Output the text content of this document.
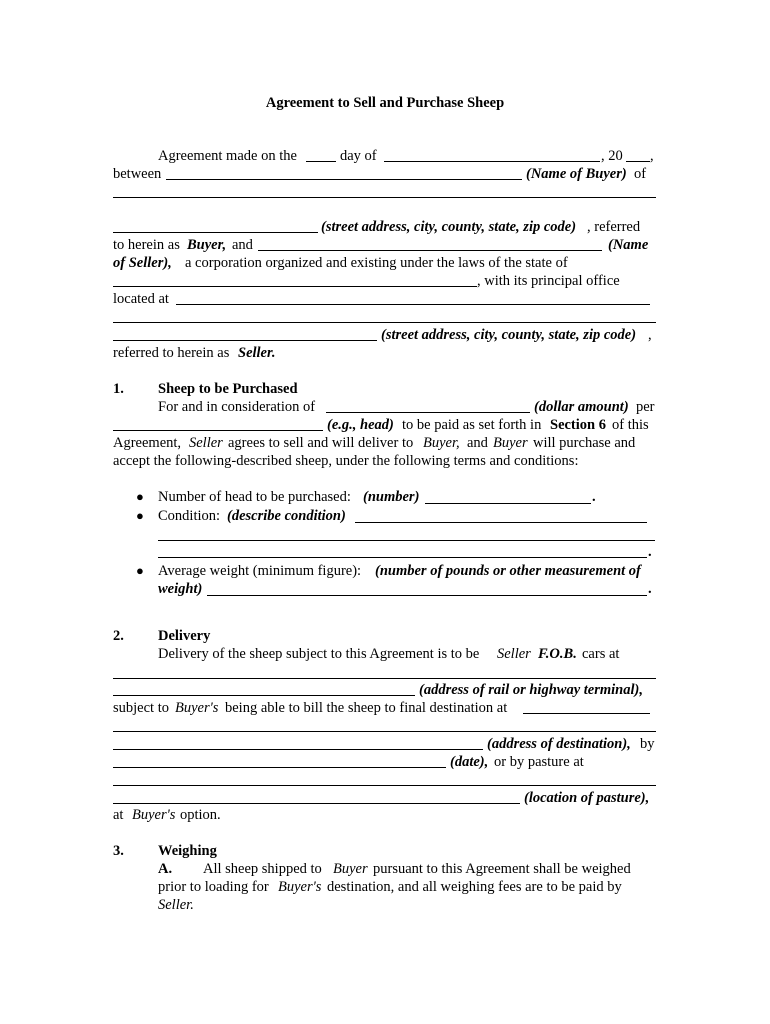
Agreement to Sell and Purchase Sheep
Agreement made on the	day of	, 20 ,
between	(Name of Buyer) of
(street address, city, county, state, zip code) , referred
to herein as Buyer, and	(Name
of Seller), a corporation organized and existing under the laws of the state of
, with its principal office
located at
(street address, city, county, state, zip code) ,
referred to herein as Seller.
1. Sheep to be Purchased
For and in consideration of	(dollar amount) per
(e.g., head) to be paid as set forth in Section 6 of this
Agreement, Seller agrees to sell and will deliver to Buyer, and Buyer will purchase and
accept the following-described sheep, under the following terms and conditions:
● Number of head to be purchased: (number)	.
● Condition: (describe condition)
.
● Average weight (minimum figure): (number of pounds or other measurement of
weight)	.
2. Delivery
Delivery of the sheep subject to this Agreement is to be Seller F.O.B. cars at
(address of rail or highway terminal),
subject to Buyer's being able to bill the sheep to final destination at
(address of destination), by
(date), or by pasture at
(location of pasture),
at Buyer's option.
3. Weighing
A. All sheep shipped to Buyer pursuant to this Agreement shall be weighed
prior to loading for Buyer's destination, and all weighing fees are to be paid by
Seller.
